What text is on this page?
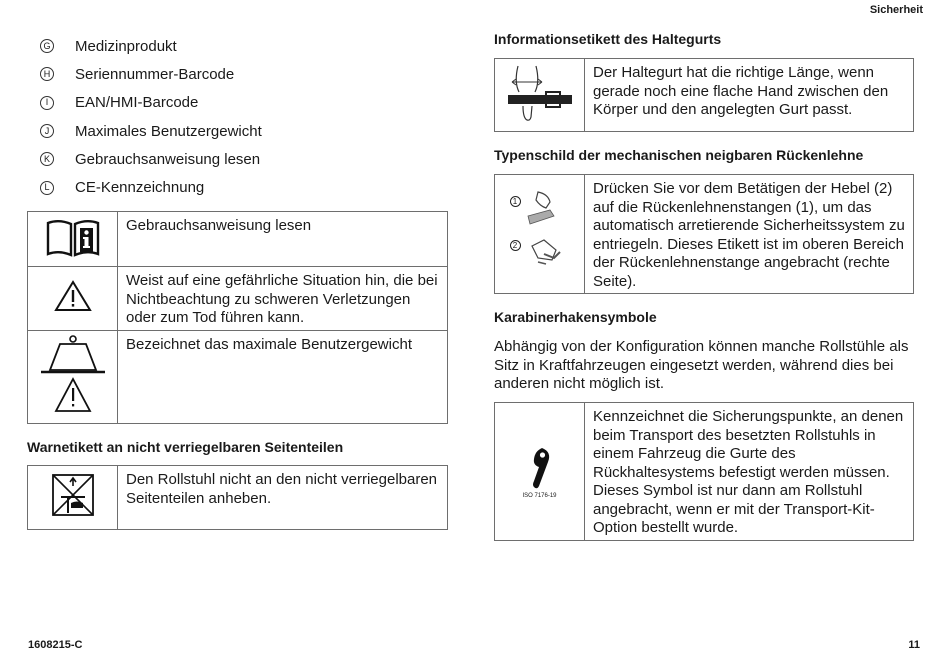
Sicherheit
G Medizinprodukt
H Seriennummer-Barcode
I	EAN/HMI-Barcode
J	Maximales Benutzergewicht
K Gebrauchsanweisung lesen
L	CE-Kennzeichnung
	Gebrauchsanweisung lesen
	Weist auf eine gefährliche Situation hin, die bei Nichtbeachtung zu schweren Verletzungen oder zum Tod führen kann.
	Bezeichnet das maximale Benutzergewicht
Warnetikett an nicht verriegelbaren Seitenteilen
	Den Rollstuhl nicht an den nicht verriegelbaren Seitenteilen anheben.
Informationsetikett des Haltegurts
	Der Haltegurt hat die richtige Länge, wenn gerade noch eine flache Hand zwischen den Körper und den angelegten Gurt passt.
Typenschild der mechanischen neigbaren Rückenlehne
1
2
	Drücken Sie vor dem Betätigen der Hebel (2) auf die Rückenlehnenstangen (1), um das automatisch arretierende Sicherheitssystem zu entriegeln. Dieses Etikett ist im oberen Bereich der Rückenlehnenstange angebracht (rechte Seite).
Karabinerhakensymbole
Abhängig von der Konfiguration können manche Rollstühle als Sitz in Kraftfahrzeugen eingesetzt werden, während dies bei anderen nicht möglich ist.
ISO 7176-19
	Kennzeichnet die Sicherungspunkte, an denen beim Transport des besetzten Rollstuhls in einem Fahrzeug die Gurte des Rückhaltesystems befestigt werden müssen. Dieses Symbol ist nur dann am Rollstuhl angebracht, wenn er mit der Transport-Kit-Option bestellt wurde.
1608215-C	11
